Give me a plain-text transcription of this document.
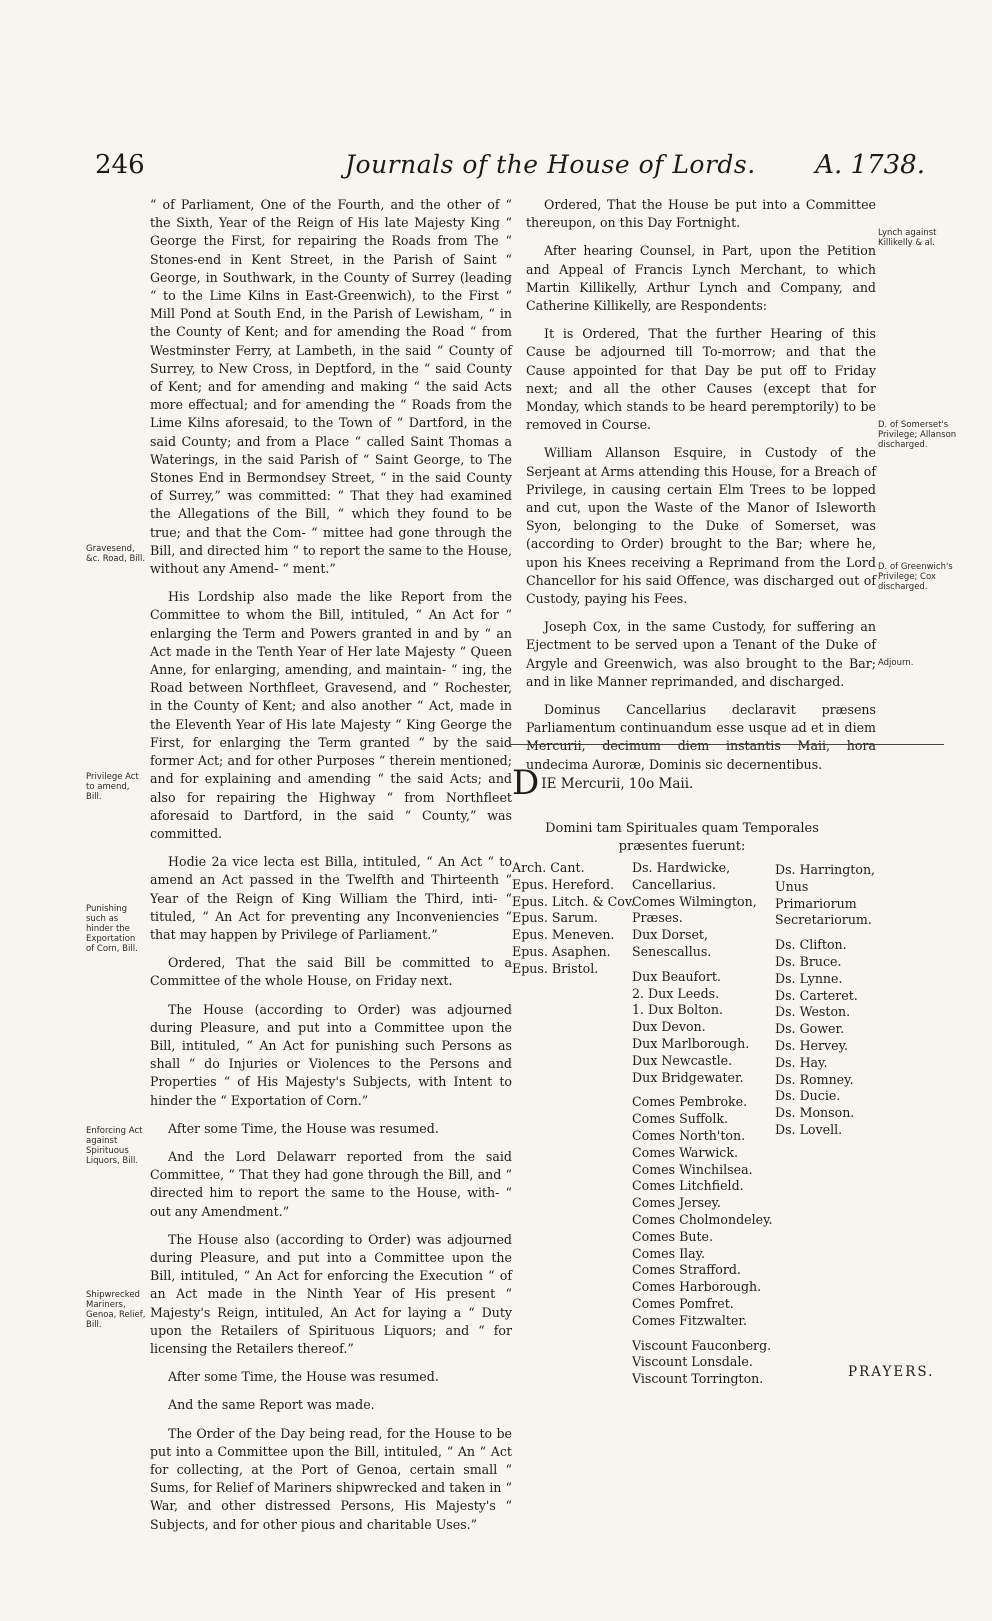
246	Journals of the House of Lords. A. 1738.

“ of Parliament, One of the Fourth, and the other of “ the Sixth, Year of the Reign of His late Majesty King “ George the First, for repairing the Roads from The “ Stones-end in Kent Street, in the Parish of Saint “ George, in Southwark, in the County of Surrey (leading “ to the Lime Kilns in East-Greenwich), to the First “ Mill Pond at South End, in the Parish of Lewisham, “ in the County of Kent; and for amending the Road “ from Westminster Ferry, at Lambeth, in the said “ County of Surrey, to New Cross, in Deptford, in the “ said County of Kent; and for amending and making “ the said Acts more effectual; and for amending the “ Roads from the Lime Kilns aforesaid, to the Town of “ Dartford, in the said County; and from a Place “ called Saint Thomas a Waterings, in the said Parish of “ Saint George, to The Stones End in Bermondsey Street, “ in the said County of Surrey,” was committed: “ That they had examined the Allegations of the Bill, “ which they found to be true; and that the Com- “ mittee had gone through the Bill, and directed him “ to report the same to the House, without any Amend- “ ment.”

His Lordship also made the like Report from the Committee to whom the Bill, intituled, “ An Act for “ enlarging the Term and Powers granted in and by “ an Act made in the Tenth Year of Her late Majesty “ Queen Anne, for enlarging, amending, and maintain- “ ing, the Road between Northfleet, Gravesend, and “ Rochester, in the County of Kent; and also another “ Act, made in the Eleventh Year of His late Majesty “ King George the First, for enlarging the Term granted “ by the said former Act; and for other Purposes “ therein mentioned; and for explaining and amending “ the said Acts; and also for repairing the Highway “ from Northfleet aforesaid to Dartford, in the said “ County,” was committed.

Hodie 2a vice lecta est Billa, intituled, “ An Act “ to amend an Act passed in the Twelfth and Thirteenth “ Year of the Reign of King William the Third, inti- “ tituled, “ An Act for preventing any Inconveniencies “ that may happen by Privilege of Parliament.”

Ordered, That the said Bill be committed to a Committee of the whole House, on Friday next.

The House (according to Order) was adjourned during Pleasure, and put into a Committee upon the Bill, intituled, “ An Act for punishing such Persons as shall “ do Injuries or Violences to the Persons and Properties “ of His Majesty's Subjects, with Intent to hinder the “ Exportation of Corn.”

After some Time, the House was resumed.

And the Lord Delawarr reported from the said Committee, “ That they had gone through the Bill, and “ directed him to report the same to the House, with- “ out any Amendment.”

The House also (according to Order) was adjourned during Pleasure, and put into a Committee upon the Bill, intituled, “ An Act for enforcing the Execution “ of an Act made in the Ninth Year of His present “ Majesty's Reign, intituled, An Act for laying a “ Duty upon the Retailers of Spirituous Liquors; and “ for licensing the Retailers thereof.”

After some Time, the House was resumed.

And the same Report was made.

The Order of the Day being read, for the House to be put into a Committee upon the Bill, intituled, “ An “ Act for collecting, at the Port of Genoa, certain small “ Sums, for Relief of Mariners shipwrecked and taken in “ War, and other distressed Persons, His Majesty's “ Subjects, and for other pious and charitable Uses.”

Gravesend, &c. Road, Bill.
Privilege Act to amend, Bill.
Punishing such as hinder the Exportation of Corn, Bill.
Enforcing Act against Spirituous Liquors, Bill.
Shipwrecked Mariners, Genoa, Relief, Bill.

Ordered, That the House be put into a Committee thereupon, on this Day Fortnight.

After hearing Counsel, in Part, upon the Petition and Appeal of Francis Lynch Merchant, to which Martin Killikelly, Arthur Lynch and Company, and Catherine Killikelly, are Respondents:

It is Ordered, That the further Hearing of this Cause be adjourned till To-morrow; and that the Cause appointed for that Day be put off to Friday next; and all the other Causes (except that for Monday, which stands to be heard peremptorily) to be removed in Course.

William Allanson Esquire, in Custody of the Serjeant at Arms attending this House, for a Breach of Privilege, in causing certain Elm Trees to be lopped and cut, upon the Waste of the Manor of Isleworth Syon, belonging to the Duke of Somerset, was (according to Order) brought to the Bar; where he, upon his Knees receiving a Reprimand from the Lord Chancellor for his said Offence, was discharged out of Custody, paying his Fees.

Joseph Cox, in the same Custody, for suffering an Ejectment to be served upon a Tenant of the Duke of Argyle and Greenwich, was also brought to the Bar; and in like Manner reprimanded, and discharged.

Dominus Cancellarius declaravit præsens Parliamentum continuandum esse usque ad et in diem Mercurii, decimum diem instantis Maii, hora undecima Auroræ, Dominis sic decernentibus.

Lynch against Killikelly & al.
D. of Somerset's Privilege; Allanson discharged.
D. of Greenwich's Privilege; Cox discharged.
Adjourn.
DIE Mercurii, 10o Maii.
Domini tam Spirituales quam Temporales præsentes fuerunt:
Arch. Cant.
Epus. Hereford.
Epus. Litch. & Cov.
Epus. Sarum.
Epus. Meneven.
Epus. Asaphen.
Epus. Bristol.
Ds. Hardwicke, Cancellarius.
Comes Wilmington, Præses.
Dux Dorset, Senescallus.
Dux Beaufort.
2. Dux Leeds.
1. Dux Bolton.
Dux Devon.
Dux Marlborough.
Dux Newcastle.
Dux Bridgewater.
Comes Pembroke.
Comes Suffolk.
Comes North'ton.
Comes Warwick.
Comes Winchilsea.
Comes Litchfield.
Comes Jersey.
Comes Cholmondeley.
Comes Bute.
Comes Ilay.
Comes Strafford.
Comes Harborough.
Comes Pomfret.
Comes Fitzwalter.
Viscount Fauconberg.
Viscount Lonsdale.
Viscount Torrington.
Ds. Harrington, Unus Primariorum Secretariorum.
Ds. Clifton.
Ds. Bruce.
Ds. Lynne.
Ds. Carteret.
Ds. Weston.
Ds. Gower.
Ds. Hervey.
Ds. Hay.
Ds. Romney.
Ds. Ducie.
Ds. Monson.
Ds. Lovell.
PRAYERS.
